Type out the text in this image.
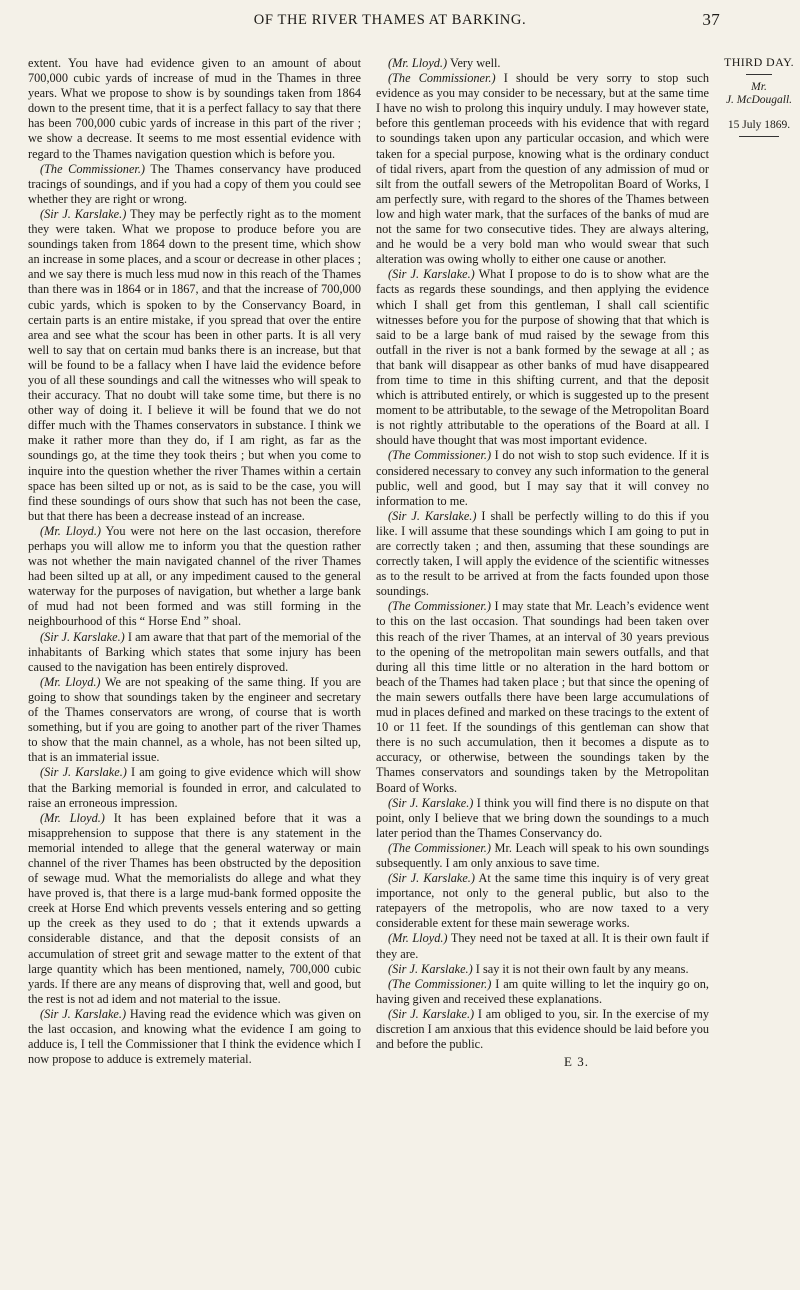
OF THE RIVER THAMES AT BARKING.	37

extent. You have had evidence given to an amount of about 700,000 cubic yards of increase of mud in the Thames in three years. What we propose to show is by soundings taken from 1864 down to the present time, that it is a perfect fallacy to say that there has been 700,000 cubic yards of increase in this part of the river ; we show a decrease. It seems to me most essential evidence with regard to the Thames navigation question which is before you.

(The Commissioner.) The Thames conservancy have produced tracings of soundings, and if you had a copy of them you could see whether they are right or wrong.

(Sir J. Karslake.) They may be perfectly right as to the moment they were taken. What we propose to produce before you are soundings taken from 1864 down to the present time, which show an increase in some places, and a scour or decrease in other places ; and we say there is much less mud now in this reach of the Thames than there was in 1864 or in 1867, and that the increase of 700,000 cubic yards, which is spoken to by the Conservancy Board, in certain parts is an entire mistake, if you spread that over the entire area and see what the scour has been in other parts. It is all very well to say that on certain mud banks there is an increase, but that will be found to be a fallacy when I have laid the evidence before you of all these soundings and call the witnesses who will speak to their accuracy. That no doubt will take some time, but there is no other way of doing it. I believe it will be found that we do not differ much with the Thames conservators in substance. I think we make it rather more than they do, if I am right, as far as the soundings go, at the time they took theirs ; but when you come to inquire into the question whether the river Thames within a certain space has been silted up or not, as is said to be the case, you will find these soundings of ours show that such has not been the case, but that there has been a decrease instead of an increase.

(Mr. Lloyd.) You were not here on the last occasion, therefore perhaps you will allow me to inform you that the question rather was not whether the main navigated channel of the river Thames had been silted up at all, or any impediment caused to the general waterway for the purposes of navigation, but whether a large bank of mud had not been formed and was still forming in the neighbourhood of this “ Horse End ” shoal.

(Sir J. Karslake.) I am aware that that part of the memorial of the inhabitants of Barking which states that some injury has been caused to the navigation has been entirely disproved.

(Mr. Lloyd.) We are not speaking of the same thing. If you are going to show that soundings taken by the engineer and secretary of the Thames conservators are wrong, of course that is worth something, but if you are going to another part of the river Thames to show that the main channel, as a whole, has not been silted up, that is an immaterial issue.

(Sir J. Karslake.) I am going to give evidence which will show that the Barking memorial is founded in error, and calculated to raise an erroneous impression.

(Mr. Lloyd.) It has been explained before that it was a misapprehension to suppose that there is any statement in the memorial intended to allege that the general waterway or main channel of the river Thames has been obstructed by the deposition of sewage mud. What the memorialists do allege and what they have proved is, that there is a large mud-bank formed opposite the creek at Horse End which prevents vessels entering and so getting up the creek as they used to do ; that it extends upwards a considerable distance, and that the deposit consists of an accumulation of street grit and sewage matter to the extent of that large quantity which has been mentioned, namely, 700,000 cubic yards. If there are any means of disproving that, well and good, but the rest is not ad idem and not material to the issue.

(Sir J. Karslake.) Having read the evidence which was given on the last occasion, and knowing what the evidence I am going to adduce is, I tell the Commissioner that I think the evidence which I now propose to adduce is extremely material.

(Mr. Lloyd.) Very well.

(The Commissioner.) I should be very sorry to stop such evidence as you may consider to be necessary, but at the same time I have no wish to prolong this inquiry unduly. I may however state, before this gentleman proceeds with his evidence that with regard to soundings taken upon any particular occasion, and which were taken for a special purpose, knowing what is the ordinary conduct of tidal rivers, apart from the question of any admission of mud or silt from the outfall sewers of the Metropolitan Board of Works, I am perfectly sure, with regard to the shores of the Thames between low and high water mark, that the surfaces of the banks of mud are not the same for two consecutive tides. They are always altering, and he would be a very bold man who would swear that such alteration was owing wholly to either one cause or another.

(Sir J. Karslake.) What I propose to do is to show what are the facts as regards these soundings, and then applying the evidence which I shall get from this gentleman, I shall call scientific witnesses before you for the purpose of showing that that which is said to be a large bank of mud raised by the sewage from this outfall in the river is not a bank formed by the sewage at all ; as that bank will disappear as other banks of mud have disappeared from time to time in this shifting current, and that the deposit which is attributed entirely, or which is suggested up to the present moment to be attributable, to the sewage of the Metropolitan Board is not rightly attributable to the operations of the Board at all. I should have thought that was most important evidence.

(The Commissioner.) I do not wish to stop such evidence. If it is considered necessary to convey any such information to the general public, well and good, but I may say that it will convey no information to me.

(Sir J. Karslake.) I shall be perfectly willing to do this if you like. I will assume that these soundings which I am going to put in are correctly taken ; and then, assuming that these soundings are correctly taken, I will apply the evidence of the scientific witnesses as to the result to be arrived at from the facts founded upon those soundings.

(The Commissioner.) I may state that Mr. Leach’s evidence went to this on the last occasion. That soundings had been taken over this reach of the river Thames, at an interval of 30 years previous to the opening of the metropolitan main sewers outfalls, and that during all this time little or no alteration in the hard bottom or beach of the Thames had taken place ; but that since the opening of the main sewers outfalls there have been large accumulations of mud in places defined and marked on these tracings to the extent of 10 or 11 feet. If the soundings of this gentleman can show that there is no such accumulation, then it becomes a dispute as to accuracy, or otherwise, between the soundings taken by the Thames conservators and soundings taken by the Metropolitan Board of Works.

(Sir J. Karslake.) I think you will find there is no dispute on that point, only I believe that we bring down the soundings to a much later period than the Thames Conservancy do.

(The Commissioner.) Mr. Leach will speak to his own soundings subsequently. I am only anxious to save time.

(Sir J. Karslake.) At the same time this inquiry is of very great importance, not only to the general public, but also to the ratepayers of the metropolis, who are now taxed to a very considerable extent for these main sewerage works.

(Mr. Lloyd.) They need not be taxed at all. It is their own fault if they are.

(Sir J. Karslake.) I say it is not their own fault by any means.

(The Commissioner.) I am quite willing to let the inquiry go on, having given and received these explanations.

(Sir J. Karslake.) I am obliged to you, sir. In the exercise of my discretion I am anxious that this evidence should be laid before you and before the public.

E 3.
THIRD DAY.
Mr.
J. McDougall.
15 July 1869.
